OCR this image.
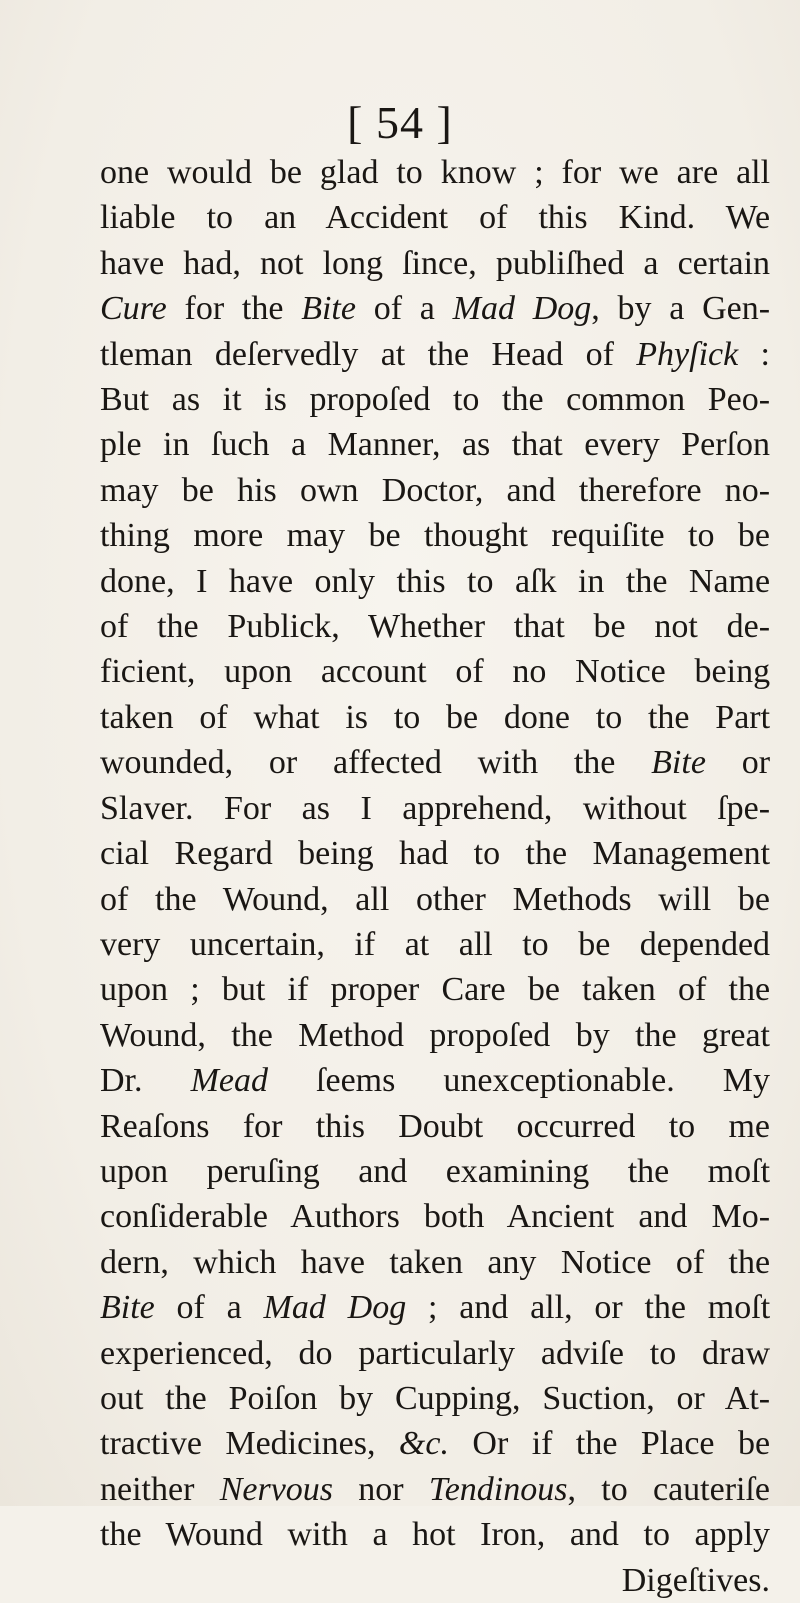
[ 54 ]
one would be glad to know ; for we are all
liable to an Accident of this Kind. We
have had, not long ſince, publiſhed a certain
Cure for the Bite of a Mad Dog, by a Gen-
tleman deſervedly at the Head of Phyſick :
But as it is propoſed to the common Peo-
ple in ſuch a Manner, as that every Perſon
may be his own Doctor, and therefore no-
thing more may be thought requiſite to be
done, I have only this to aſk in the Name
of the Publick, Whether that be not de-
ficient, upon account of no Notice being
taken of what is to be done to the Part
wounded, or affected with the Bite or
Slaver. For as I apprehend, without ſpe-
cial Regard being had to the Management
of the Wound, all other Methods will be
very uncertain, if at all to be depended
upon ; but if proper Care be taken of the
Wound, the Method propoſed by the great
Dr. Mead ſeems unexceptionable. My
Reaſons for this Doubt occurred to me
upon peruſing and examining the moſt
conſiderable Authors both Ancient and Mo-
dern, which have taken any Notice of the
Bite of a Mad Dog ; and all, or the moſt
experienced, do particularly adviſe to draw
out the Poiſon by Cupping, Suction, or At-
tractive Medicines, &c. Or if the Place be
neither Nervous nor Tendinous, to cauteriſe
the Wound with a hot Iron, and to apply
Digeſtives.
